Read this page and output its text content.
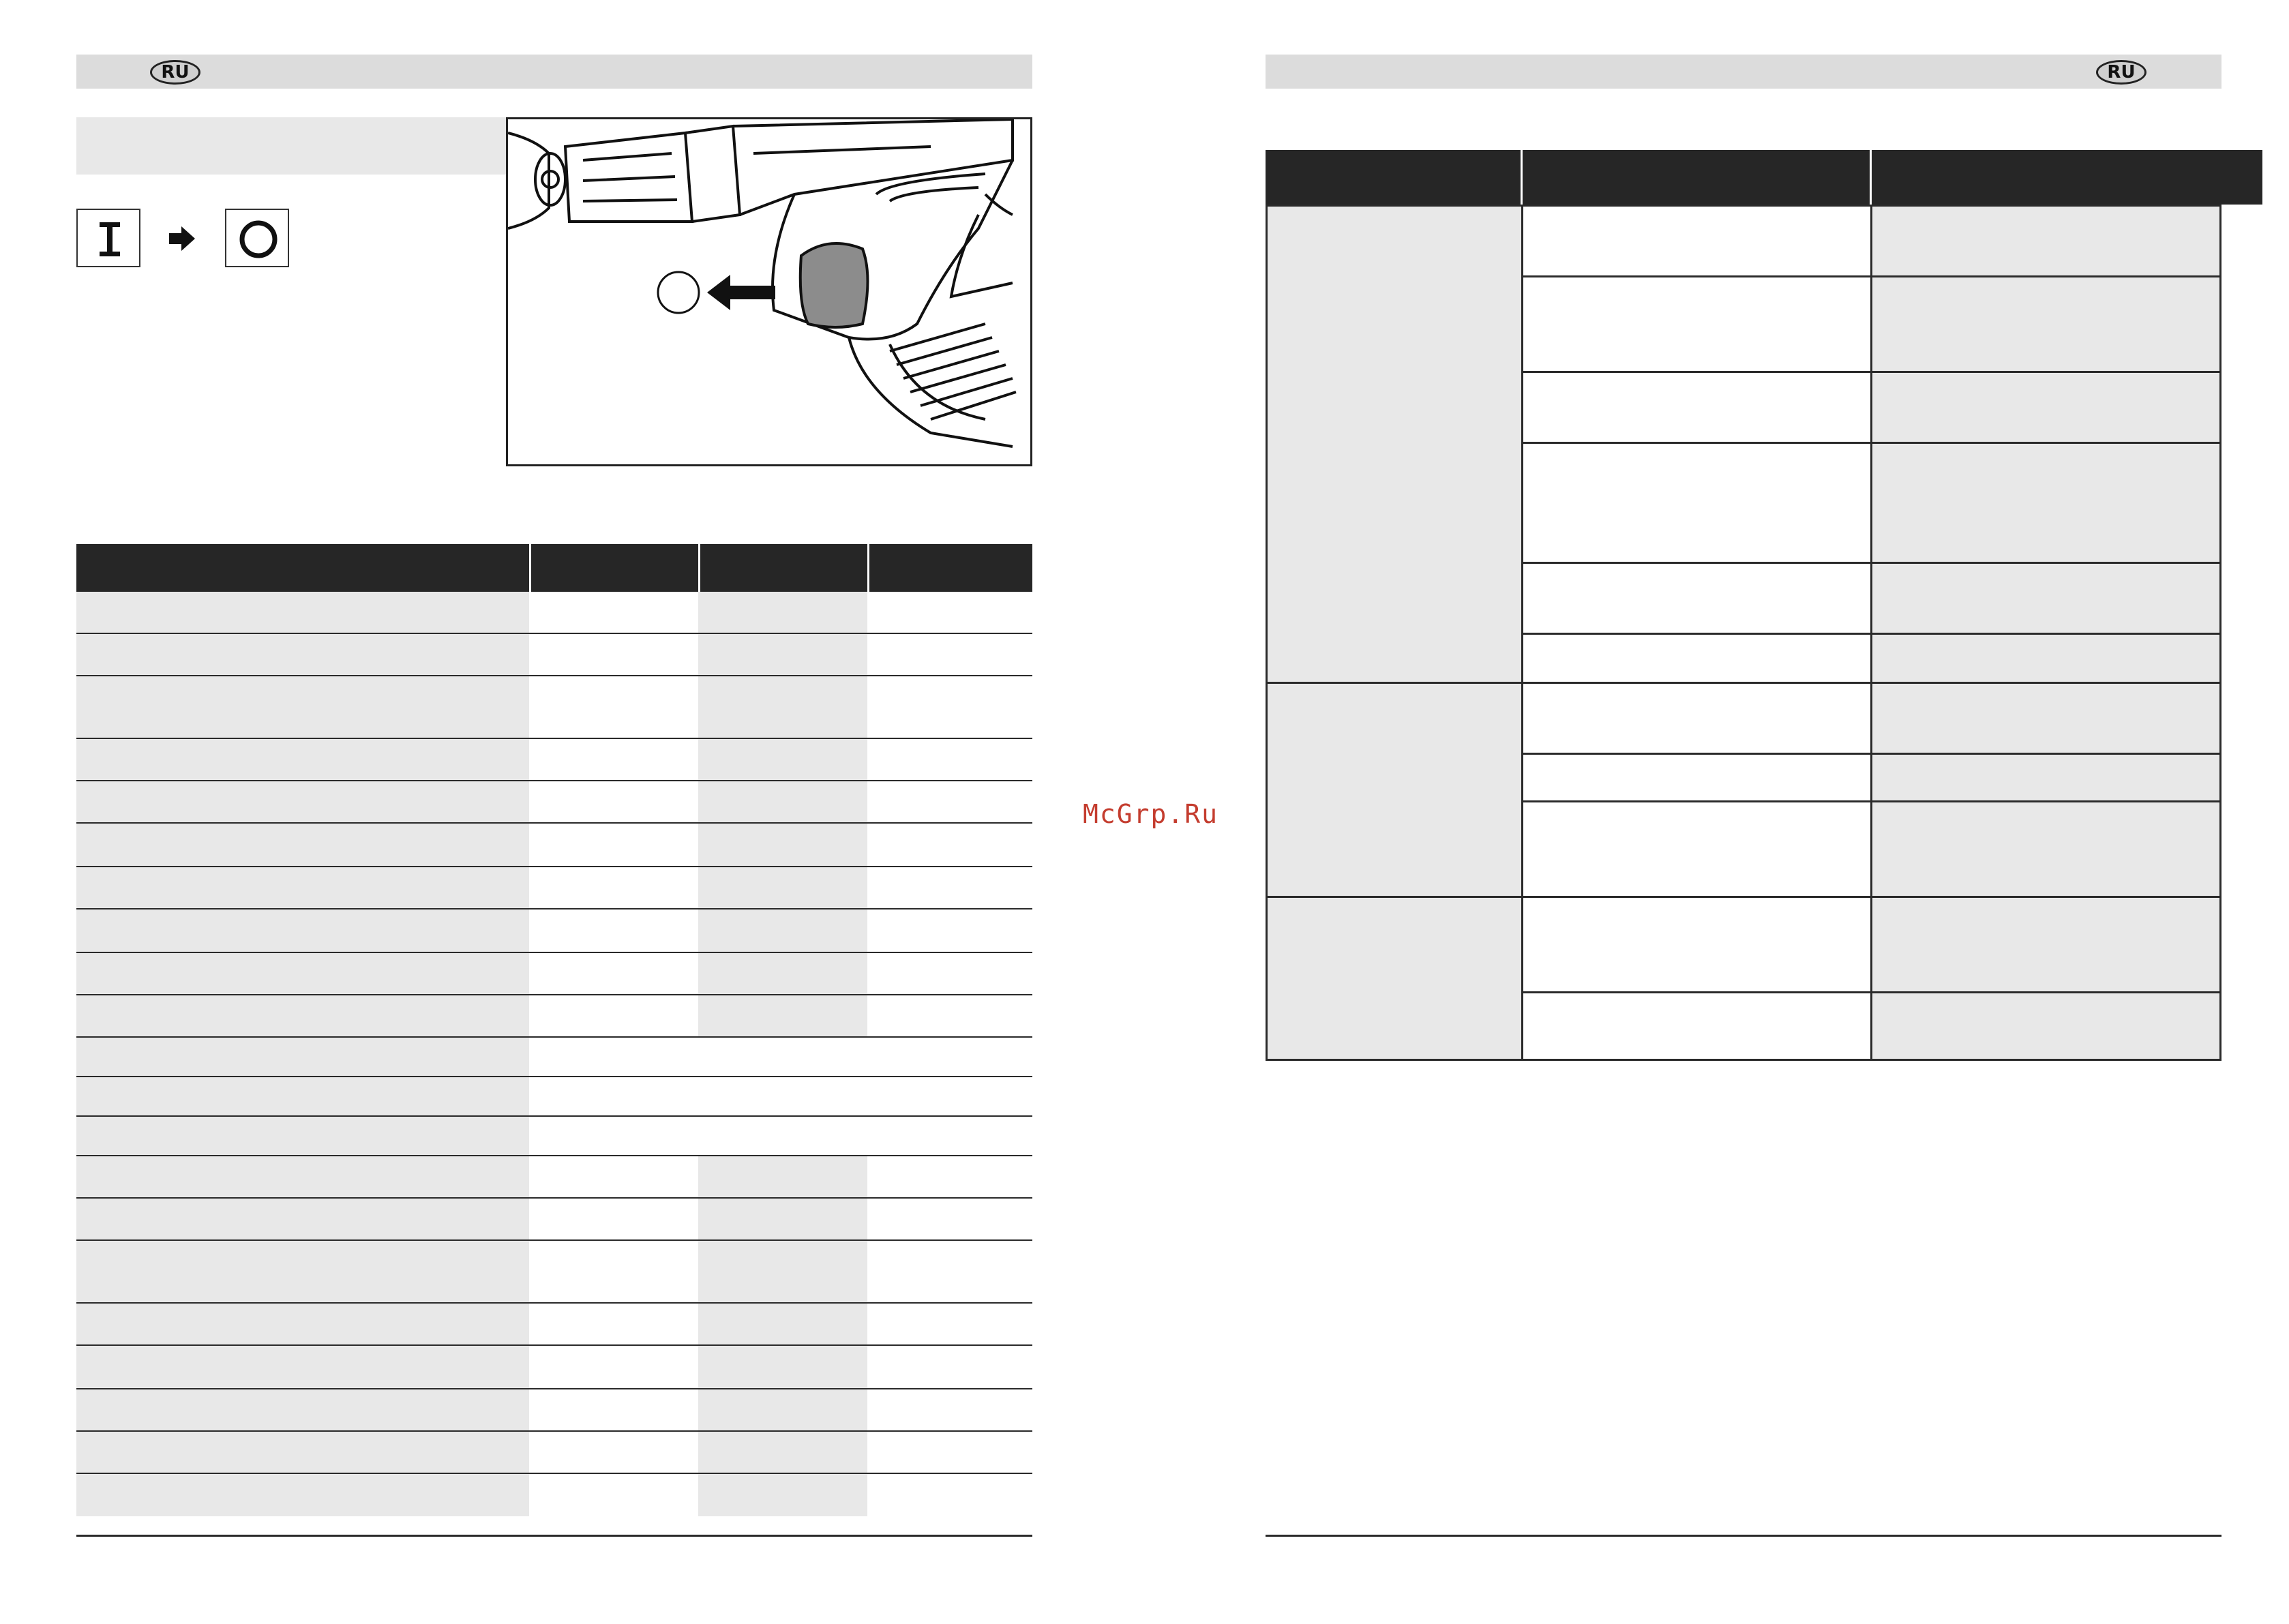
RU
McGrp.Ru
RU
